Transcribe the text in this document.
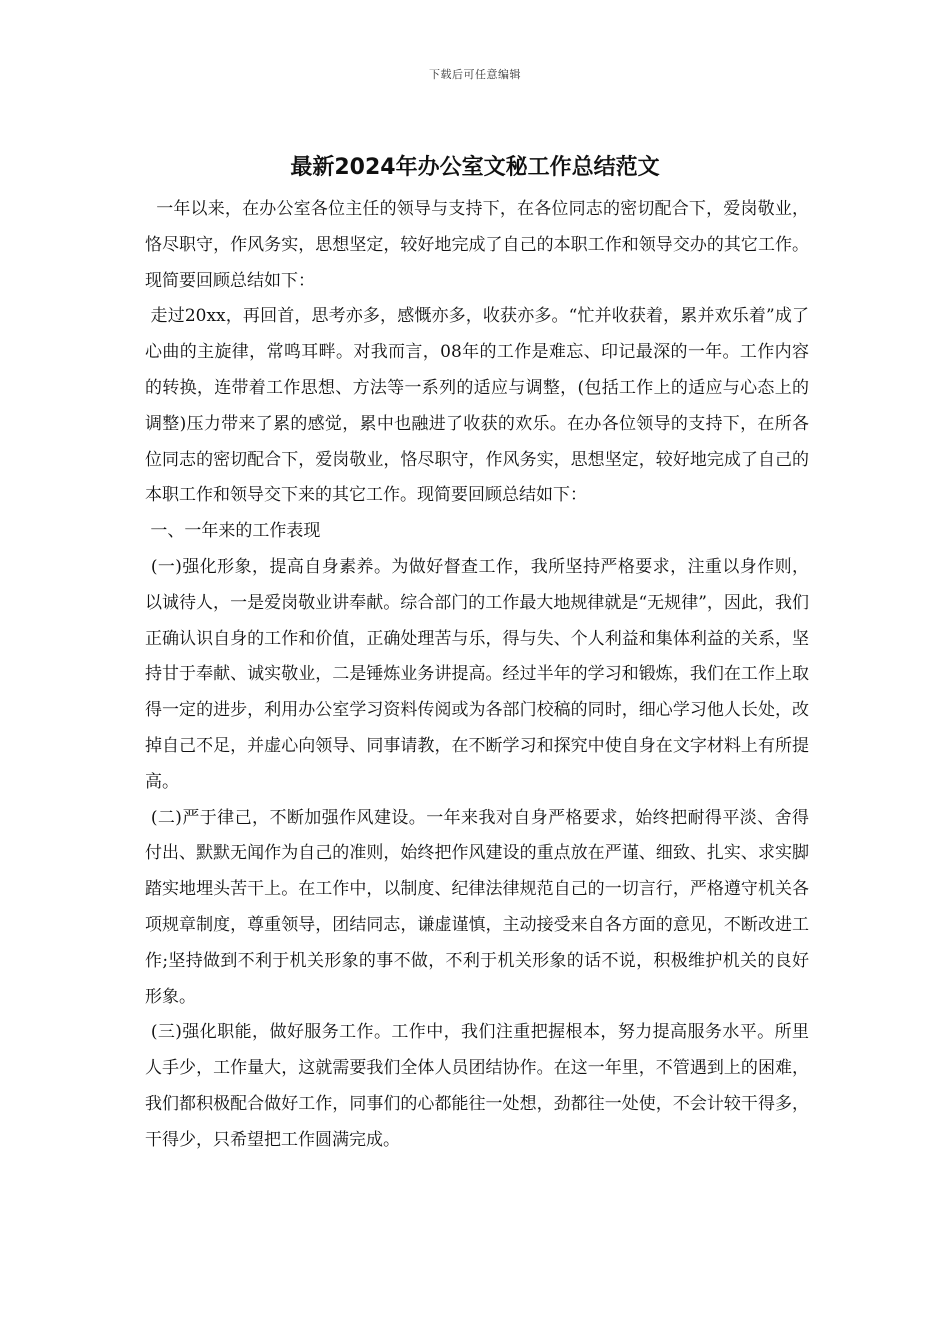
下载后可任意编辑
最新2024年办公室文秘工作总结范文

一年以来，在办公室各位主任的领导与支持下，在各位同志的密切配合下，爱岗敬业，恪尽职守，作风务实，思想坚定，较好地完成了自己的本职工作和领导交办的其它工作。现简要回顾总结如下：

走过20xx，再回首，思考亦多，感慨亦多，收获亦多。“忙并收获着，累并欢乐着”成了心曲的主旋律，常鸣耳畔。对我而言，08年的工作是难忘、印记最深的一年。工作内容的转换，连带着工作思想、方法等一系列的适应与调整，(包括工作上的适应与心态上的调整)压力带来了累的感觉，累中也融进了收获的欢乐。在办各位领导的支持下，在所各位同志的密切配合下，爱岗敬业，恪尽职守，作风务实，思想坚定，较好地完成了自己的本职工作和领导交下来的其它工作。现简要回顾总结如下：

一、一年来的工作表现

(一)强化形象，提高自身素养。为做好督查工作，我所坚持严格要求，注重以身作则，以诚待人，一是爱岗敬业讲奉献。综合部门的工作最大地规律就是“无规律”，因此，我们正确认识自身的工作和价值，正确处理苦与乐，得与失、个人利益和集体利益的关系，坚持甘于奉献、诚实敬业，二是锤炼业务讲提高。经过半年的学习和锻炼，我们在工作上取得一定的进步，利用办公室学习资料传阅或为各部门校稿的同时，细心学习他人长处，改掉自己不足，并虚心向领导、同事请教，在不断学习和探究中使自身在文字材料上有所提高。

(二)严于律己，不断加强作风建设。一年来我对自身严格要求，始终把耐得平淡、舍得付出、默默无闻作为自己的准则，始终把作风建设的重点放在严谨、细致、扎实、求实脚踏实地埋头苦干上。在工作中，以制度、纪律法律规范自己的一切言行，严格遵守机关各项规章制度，尊重领导，团结同志，谦虚谨慎，主动接受来自各方面的意见，不断改进工作;坚持做到不利于机关形象的事不做，不利于机关形象的话不说，积极维护机关的良好形象。

(三)强化职能，做好服务工作。工作中，我们注重把握根本，努力提高服务水平。所里人手少，工作量大，这就需要我们全体人员团结协作。在这一年里，不管遇到上的困难，我们都积极配合做好工作，同事们的心都能往一处想，劲都往一处使，不会计较干得多，干得少，只希望把工作圆满完成。
